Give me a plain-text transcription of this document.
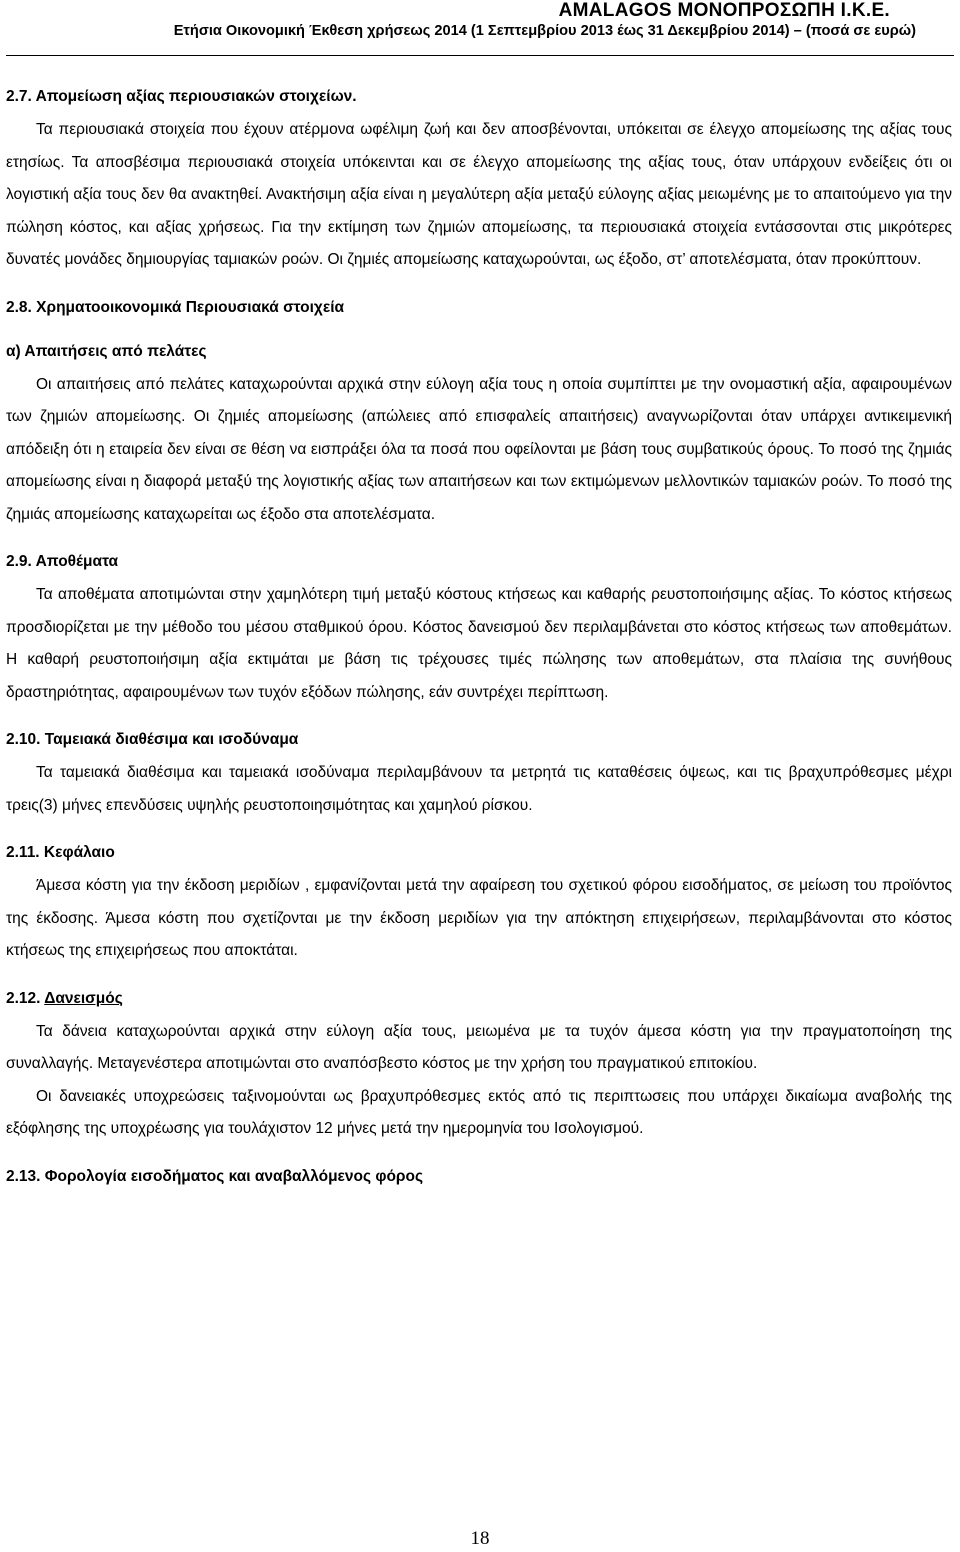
AMALAGOS ΜΟΝΟΠΡΟΣΩΠΗ Ι.Κ.Ε.
Ετήσια Οικονομική Έκθεση χρήσεως 2014 (1 Σεπτεμβρίου 2013 έως 31 Δεκεμβρίου 2014) – (ποσά σε ευρώ)

2.7. Απομείωση αξίας περιουσιακών στοιχείων.

Τα περιουσιακά στοιχεία που έχουν ατέρμονα ωφέλιμη ζωή και δεν αποσβένονται, υπόκειται σε έλεγχο απομείωσης της αξίας τους ετησίως. Τα αποσβέσιμα περιουσιακά στοιχεία υπόκεινται και σε έλεγχο απομείωσης της αξίας τους, όταν υπάρχουν ενδείξεις ότι οι λογιστική αξία τους δεν θα ανακτηθεί. Ανακτήσιμη αξία είναι η μεγαλύτερη αξία μεταξύ εύλογης αξίας μειωμένης με το απαιτούμενο για την πώληση κόστος, και αξίας χρήσεως. Για την εκτίμηση των ζημιών απομείωσης, τα περιουσιακά στοιχεία εντάσσονται στις μικρότερες δυνατές μονάδες δημιουργίας ταμιακών ροών. Οι ζημιές απομείωσης καταχωρούνται, ως έξοδο, στ’ αποτελέσματα, όταν προκύπτουν.

2.8. Χρηματοοικονομικά Περιουσιακά στοιχεία

α) Απαιτήσεις από πελάτες

Οι απαιτήσεις από πελάτες καταχωρούνται αρχικά στην εύλογη αξία τους η οποία συμπίπτει με την ονομαστική αξία, αφαιρουμένων των ζημιών απομείωσης. Οι ζημιές απομείωσης (απώλειες από επισφαλείς απαιτήσεις) αναγνωρίζονται όταν υπάρχει αντικειμενική απόδειξη ότι η εταιρεία δεν είναι σε θέση να εισπράξει όλα τα ποσά που οφείλονται με βάση τους συμβατικούς όρους. Το ποσό της ζημιάς απομείωσης είναι η διαφορά μεταξύ της λογιστικής αξίας των απαιτήσεων και των εκτιμώμενων μελλοντικών ταμιακών ροών. Το ποσό της ζημιάς απομείωσης καταχωρείται ως έξοδο στα αποτελέσματα.

2.9. Αποθέματα

Τα αποθέματα αποτιμώνται στην χαμηλότερη τιμή μεταξύ κόστους κτήσεως και καθαρής ρευστοποιήσιμης αξίας. Το κόστος κτήσεως προσδιορίζεται με την μέθοδο του μέσου σταθμικού όρου. Κόστος δανεισμού δεν περιλαμβάνεται στο κόστος κτήσεως των αποθεμάτων. Η καθαρή ρευστοποιήσιμη αξία εκτιμάται με βάση τις τρέχουσες τιμές πώλησης των αποθεμάτων, στα πλαίσια της συνήθους δραστηριότητας, αφαιρουμένων των τυχόν εξόδων πώλησης, εάν συντρέχει περίπτωση.

2.10. Ταμειακά διαθέσιμα και ισοδύναμα

Τα ταμειακά διαθέσιμα και ταμειακά ισοδύναμα περιλαμβάνουν τα μετρητά τις καταθέσεις όψεως, και τις βραχυπρόθεσμες μέχρι τρεις(3) μήνες επενδύσεις υψηλής ρευστοποιησιμότητας και χαμηλού ρίσκου.

2.11. Κεφάλαιο

Άμεσα κόστη για την έκδοση μεριδίων , εμφανίζονται μετά την αφαίρεση του σχετικού φόρου εισοδήματος, σε μείωση του προϊόντος της έκδοσης. Άμεσα κόστη που σχετίζονται με την έκδοση μεριδίων για την απόκτηση επιχειρήσεων, περιλαμβάνονται στο κόστος κτήσεως της επιχειρήσεως που αποκτάται.

2.12. Δανεισμός

Τα δάνεια καταχωρούνται αρχικά στην εύλογη αξία τους, μειωμένα με τα τυχόν άμεσα κόστη για την πραγματοποίηση της συναλλαγής. Μεταγενέστερα αποτιμώνται στο αναπόσβεστο κόστος με την χρήση του πραγματικού επιτοκίου.

Οι δανειακές υποχρεώσεις ταξινομούνται ως βραχυπρόθεσμες εκτός από τις περιπτωσεις που υπάρχει δικαίωμα αναβολής της εξόφλησης της υποχρέωσης για τουλάχιστον 12 μήνες μετά την ημερομηνία του Ισολογισμού.

2.13. Φορολογία εισοδήματος και αναβαλλόμενος φόρος

18
